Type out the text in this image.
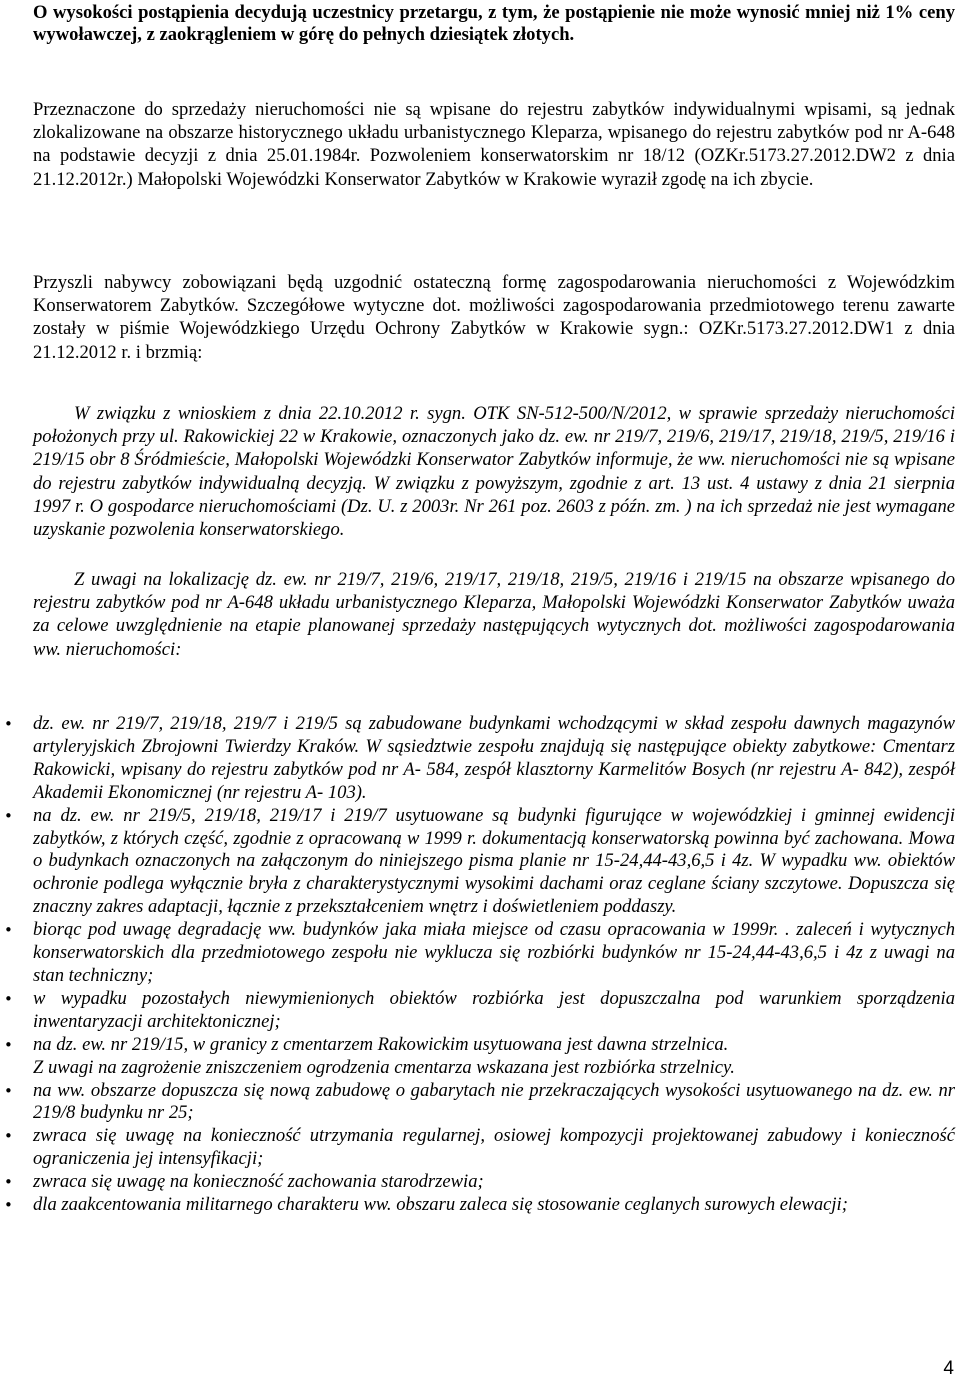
O wysokości postąpienia decydują uczestnicy przetargu, z tym, że postąpienie nie może wynosić mniej niż 1% ceny wywoławczej, z zaokrągleniem w górę do pełnych dziesiątek złotych.

Przeznaczone do sprzedaży nieruchomości nie są wpisane do rejestru zabytków indywidualnymi wpisami, są jednak zlokalizowane na obszarze historycznego układu urbanistycznego Kleparza, wpisanego do rejestru zabytków pod nr A-648 na podstawie decyzji z dnia 25.01.1984r. Pozwoleniem konserwatorskim nr 18/12 (OZKr.5173.27.2012.DW2 z dnia 21.12.2012r.) Małopolski Wojewódzki Konserwator Zabytków w Krakowie wyraził zgodę na ich zbycie.

Przyszli nabywcy zobowiązani będą uzgodnić ostateczną formę zagospodarowania nieruchomości z Wojewódzkim Konserwatorem Zabytków. Szczegółowe wytyczne dot. możliwości zagospodarowania przedmiotowego terenu zawarte zostały w piśmie Wojewódzkiego Urzędu Ochrony Zabytków w Krakowie sygn.: OZKr.5173.27.2012.DW1 z dnia 21.12.2012 r. i brzmią:

W związku z wnioskiem z dnia 22.10.2012 r. sygn. OTK SN-512-500/N/2012, w sprawie sprzedaży nieruchomości położonych przy ul. Rakowickiej 22 w Krakowie, oznaczonych jako dz. ew. nr 219/7, 219/6, 219/17, 219/18, 219/5, 219/16 i 219/15 obr 8 Śródmieście, Małopolski Wojewódzki Konserwator Zabytków informuje, że ww. nieruchomości nie są wpisane do rejestru zabytków indywidualną decyzją. W związku z powyższym, zgodnie z art. 13 ust. 4 ustawy z dnia 21 sierpnia 1997 r. O gospodarce nieruchomościami (Dz. U. z 2003r. Nr 261 poz. 2603 z późn. zm. ) na ich sprzedaż nie jest wymagane uzyskanie pozwolenia konserwatorskiego.

Z uwagi na lokalizację dz. ew. nr 219/7, 219/6, 219/17, 219/18, 219/5, 219/16 i 219/15 na obszarze wpisanego do rejestru zabytków pod nr A-648 układu urbanistycznego Kleparza, Małopolski Wojewódzki Konserwator Zabytków uważa za celowe uwzględnienie na etapie planowanej sprzedaży następujących wytycznych dot. możliwości zagospodarowania ww. nieruchomości:

• dz. ew. nr 219/7, 219/18, 219/7 i 219/5 są zabudowane budynkami wchodzącymi w skład zespołu dawnych magazynów artyleryjskich Zbrojowni Twierdzy Kraków. W sąsiedztwie zespołu znajdują się następujące obiekty zabytkowe: Cmentarz Rakowicki, wpisany do rejestru zabytków pod nr A- 584, zespół klasztorny Karmelitów Bosych (nr rejestru A- 842), zespół Akademii Ekonomicznej (nr rejestru A- 103).
• na dz. ew. nr 219/5, 219/18, 219/17 i 219/7 usytuowane są budynki figurujące w wojewódzkiej i gminnej ewidencji zabytków, z których część, zgodnie z opracowaną w 1999 r. dokumentacją konserwatorską powinna być zachowana. Mowa o budynkach oznaczonych na załączonym do niniejszego pisma planie nr 15-24,44-43,6,5 i 4z. W wypadku ww. obiektów ochronie podlega wyłącznie bryła z charakterystycznymi wysokimi dachami oraz ceglane ściany szczytowe. Dopuszcza się znaczny zakres adaptacji, łącznie z przekształceniem wnętrz i doświetleniem poddaszy.
• biorąc pod uwagę degradację ww. budynków jaka miała miejsce od czasu opracowania w 1999r. . zaleceń i wytycznych konserwatorskich dla przedmiotowego zespołu nie wyklucza się rozbiórki budynków nr 15-24,44-43,6,5 i 4z z uwagi na stan techniczny;
• w wypadku pozostałych niewymienionych obiektów rozbiórka jest dopuszczalna pod warunkiem sporządzenia inwentaryzacji architektonicznej;
• na dz. ew. nr 219/15, w granicy z cmentarzem Rakowickim usytuowana jest dawna strzelnica.
Z uwagi na zagrożenie zniszczeniem ogrodzenia cmentarza wskazana jest rozbiórka strzelnicy.
• na ww. obszarze dopuszcza się nową zabudowę o gabarytach nie przekraczających wysokości usytuowanego na dz. ew. nr 219/8 budynku nr 25;
• zwraca się uwagę na konieczność utrzymania regularnej, osiowej kompozycji projektowanej zabudowy i konieczność ograniczenia jej intensyfikacji;
• zwraca się uwagę na konieczność zachowania starodrzewia;
• dla zaakcentowania militarnego charakteru ww. obszaru zaleca się stosowanie ceglanych surowych elewacji;
4
